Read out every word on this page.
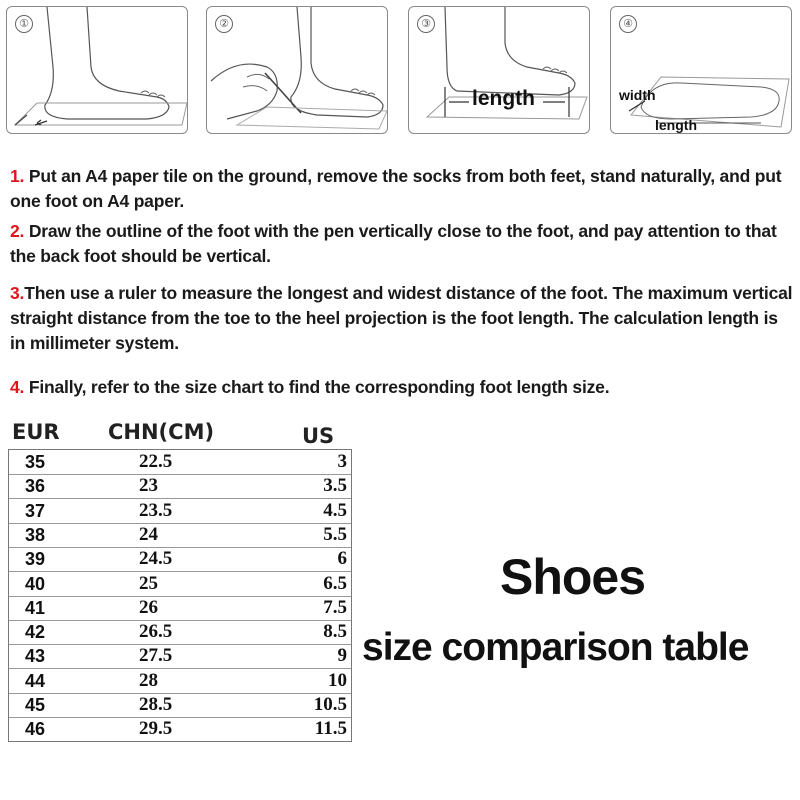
①	②	③
length
④
width
length
1. Put an A4 paper tile on the ground, remove the socks from both feet, stand naturally, and put one foot on A4 paper.
2. Draw the outline of the foot with the pen vertically close to the foot, and pay attention to that the back foot should be vertical.
3.Then use a ruler to measure the longest and widest distance of the foot. The maximum vertical straight distance from the toe to the heel projection is the foot length. The calculation length is in millimeter system.
4. Finally, refer to the size chart to find the corresponding foot length size.
EUR CHN(CM)	US
35	22.5	3
36	23	3.5
37	23.5	4.5
38	24	5.5
39	24.5	6
40	25	6.5
41	26	7.5
42	26.5	8.5
43	27.5	9
44	28	10
45	28.5	10.5
46	29.5	11.5
Shoes
size comparison table
